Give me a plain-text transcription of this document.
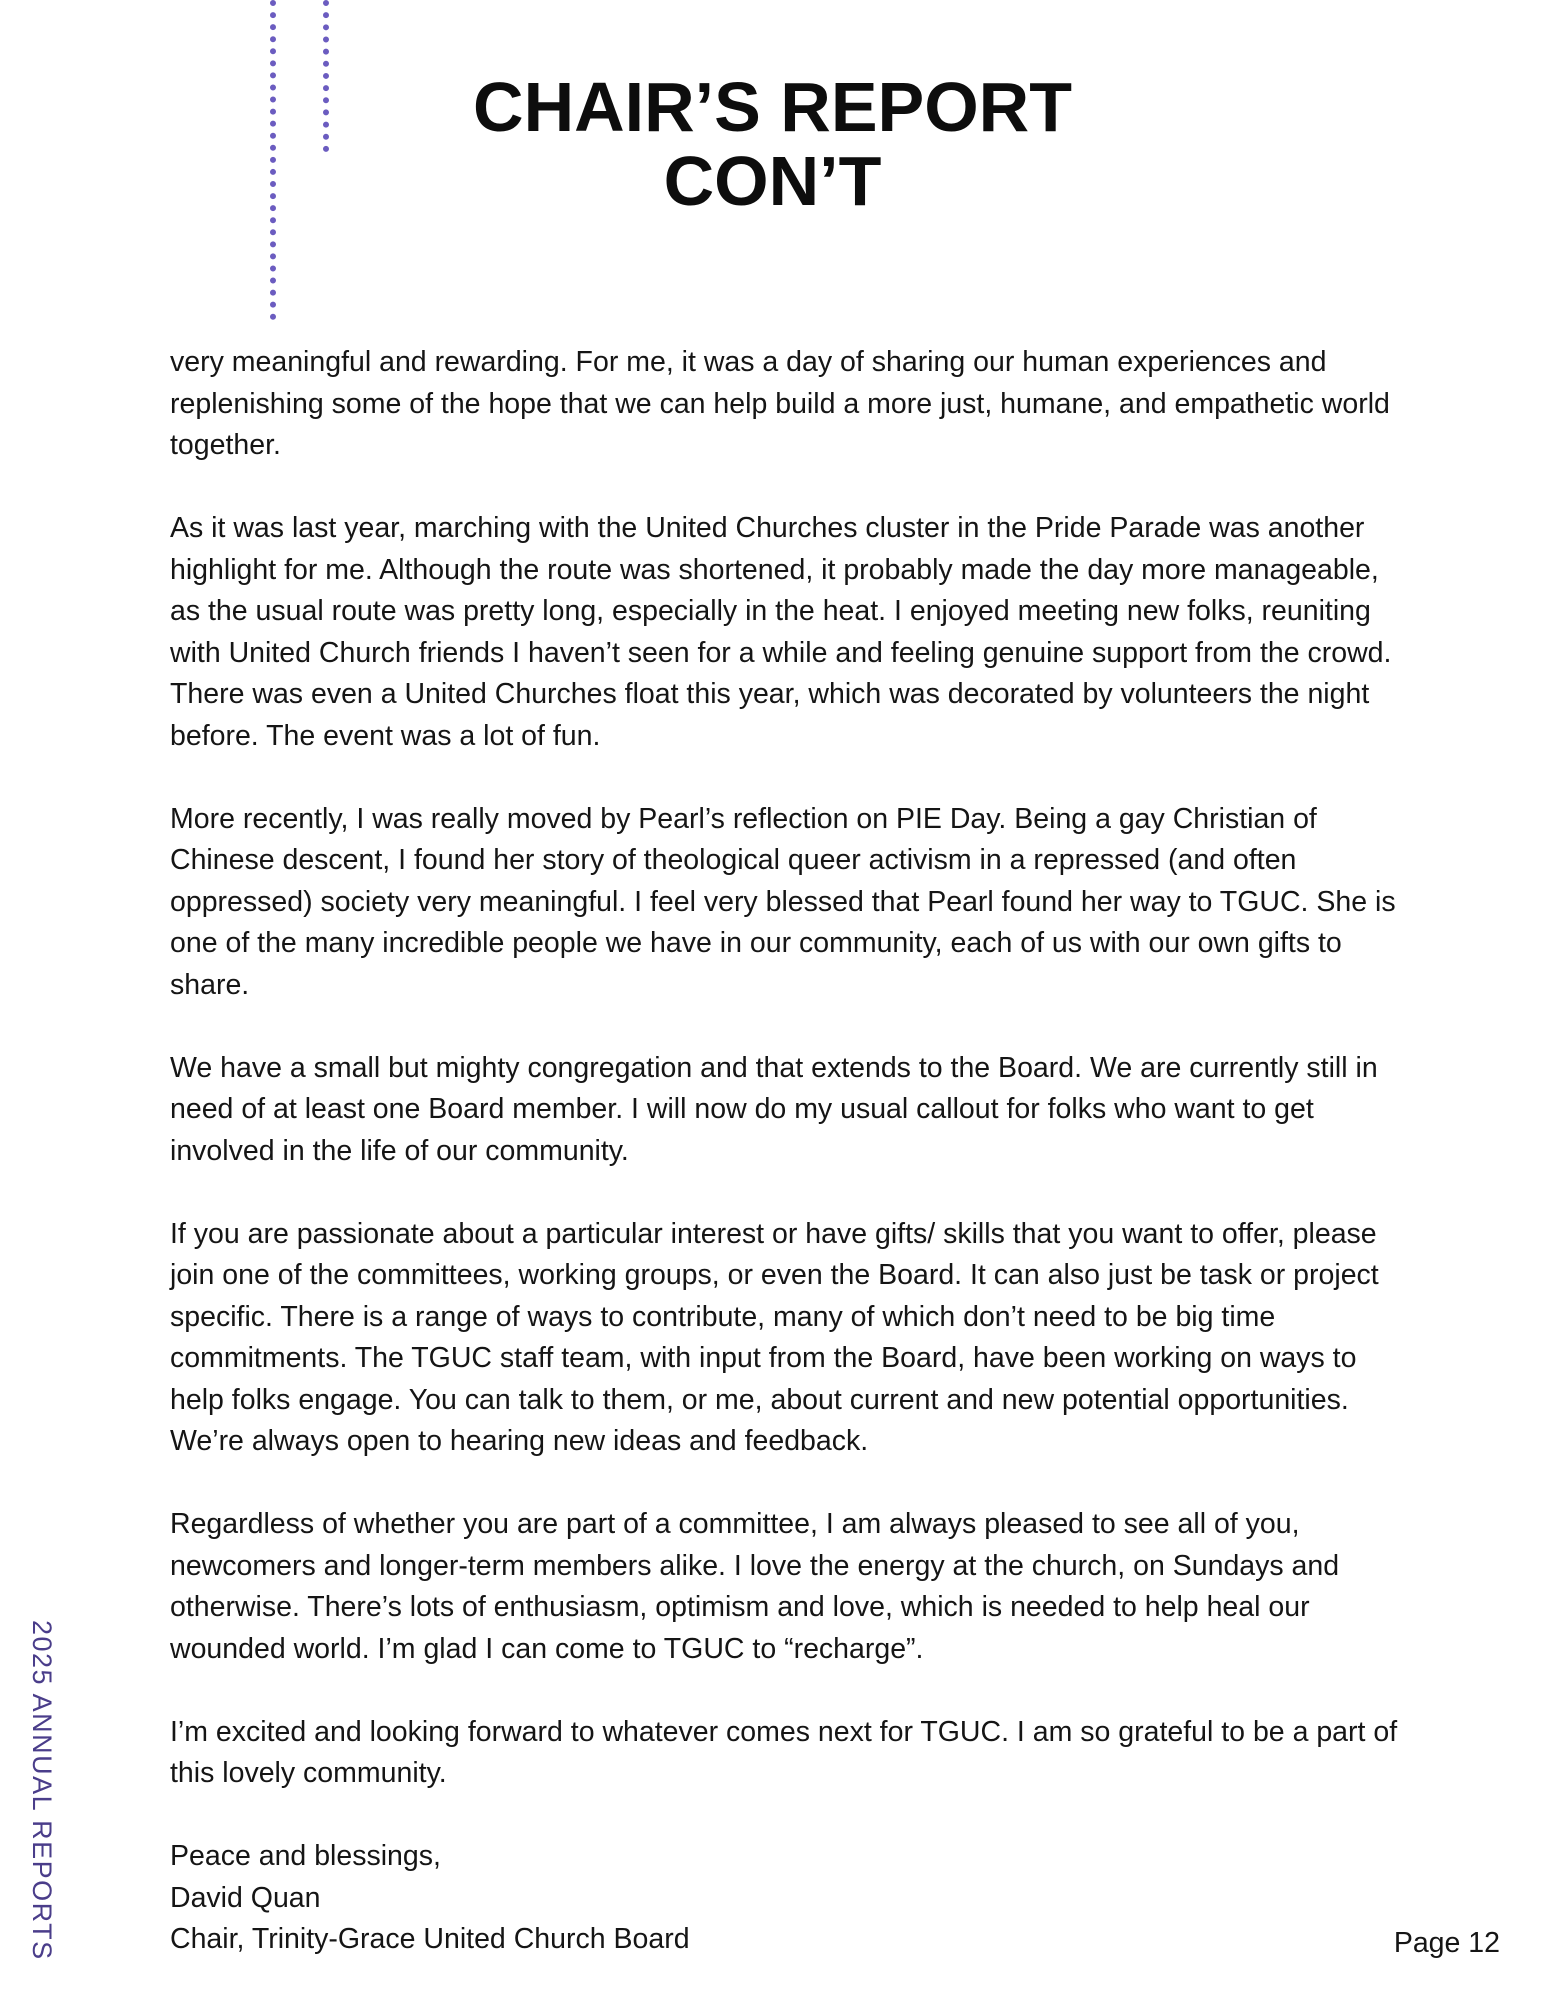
CHAIR’S REPORT
CON’T

very meaningful and rewarding. For me, it was a day of sharing our human experiences and replenishing some of the hope that we can help build a more just, humane, and empathetic world together.

As it was last year, marching with the United Churches cluster in the Pride Parade was another highlight for me. Although the route was shortened, it probably made the day more manageable, as the usual route was pretty long, especially in the heat. I enjoyed meeting new folks, reuniting with United Church friends I haven’t seen for a while and feeling genuine support from the crowd. There was even a United Churches float this year, which was decorated by volunteers the night before. The event was a lot of fun.

More recently, I was really moved by Pearl’s reflection on PIE Day. Being a gay Christian of Chinese descent, I found her story of theological queer activism in a repressed (and often oppressed) society very meaningful. I feel very blessed that Pearl found her way to TGUC. She is one of the many incredible people we have in our community, each of us with our own gifts to share.

We have a small but mighty congregation and that extends to the Board. We are currently still in need of at least one Board member. I will now do my usual callout for folks who want to get involved in the life of our community.

If you are passionate about a particular interest or have gifts/ skills that you want to offer, please join one of the committees, working groups, or even the Board. It can also just be task or project specific. There is a range of ways to contribute, many of which don’t need to be big time commitments. The TGUC staff team, with input from the Board, have been working on ways to help folks engage. You can talk to them, or me, about current and new potential opportunities. We’re always open to hearing new ideas and feedback.

Regardless of whether you are part of a committee, I am always pleased to see all of you, newcomers and longer-term members alike. I love the energy at the church, on Sundays and otherwise. There’s lots of enthusiasm, optimism and love, which is needed to help heal our wounded world. I’m glad I can come to TGUC to “recharge”.

I’m excited and looking forward to whatever comes next for TGUC. I am so grateful to be a part of this lovely community.

Peace and blessings,

David Quan

Chair, Trinity-Grace United Church Board

2025 ANNUAL REPORTS	Page 12
